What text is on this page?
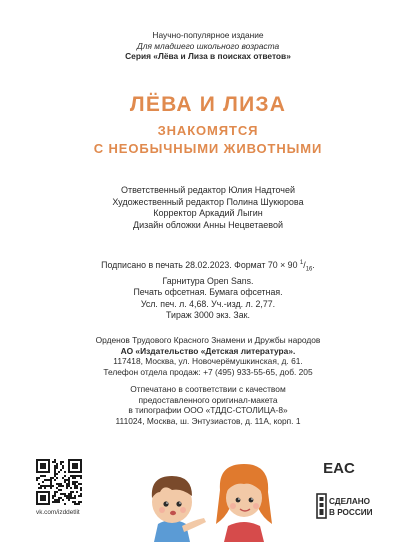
Научно-популярное издание
Для младшего школьного возраста
Серия «Лёва и Лиза в поисках ответов»
ЛЁВА И ЛИЗА
ЗНАКОМЯТСЯ
С НЕОБЫЧНЫМИ ЖИВОТНЫМИ
Ответственный редактор Юлия Надточей
Художественный редактор Полина Шукюрова
Корректор Аркадий Лыгин
Дизайн обложки Анны Нецветаевой
Подписано в печать 28.02.2023. Формат 70 × 90 $^1/_{16}$.
Гарнитура Open Sans.
Печать офсетная. Бумага офсетная.
Усл. печ. л. 4,68. Уч.-изд. л. 2,77.
Тираж 3000 экз. Зак.
Орденов Трудового Красного Знамени и Дружбы народов
АО «Издательство «Детская литература».
117418, Москва, ул. Новочерёмушкинская, д. 61.
Телефон отдела продаж: +7 (495) 933-55-65, доб. 205
Отпечатано в соответствии с качеством
предоставленного оригинал-макета
в типографии ООО «ТДДС-СТОЛИЦА-8»
111024, Москва, ш. Энтузиастов, д. 11А, корп. 1
vk.com/izddetlit
EAC
СДЕЛАНО
В РОССИИ
